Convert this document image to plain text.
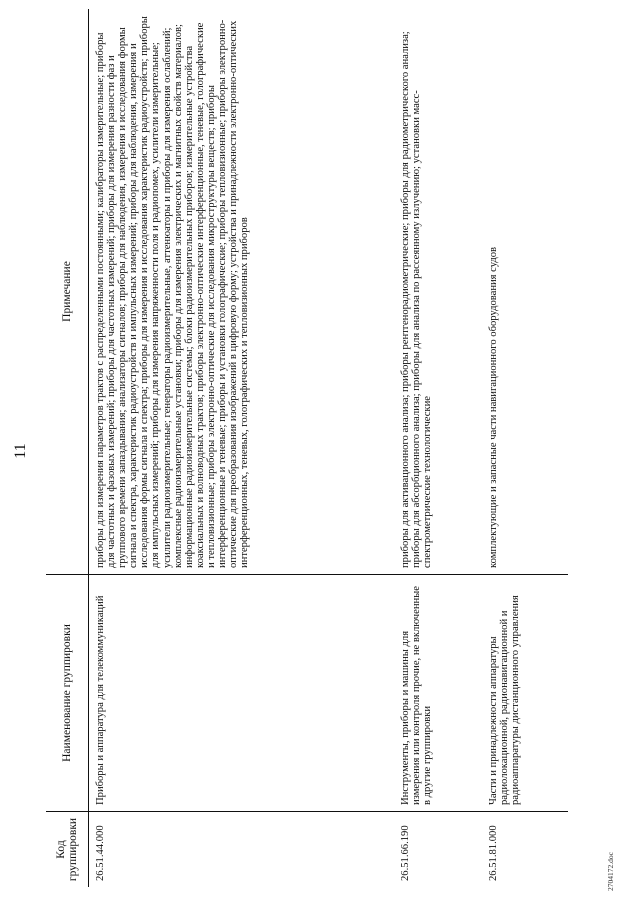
11
Код группировки	Наименование группировки	Примечание
26.51.44.000	Приборы и аппаратура для телекоммуникаций	приборы для измерения параметров трактов с распределенными постоянными; калибраторы измерительные; приборы для частотных и фазовых измерений; приборы для частотных измерений; приборы для измерения разности фаз и группового времени запаздывания; анализаторы сигналов; приборы для наблюдения, измерения и исследования формы сигнала и спектра, характеристик радиоустройств и импульсных измерений; приборы для наблюдения, измерения и исследования формы сигнала и спектра; приборы для измерения и исследования характеристик радиоустройств; приборы для импульсных измерений; приборы для измерения напряженности поля и радиопомех, усилители измерительные; усилители радиоизмерительные; генераторы радиоизмерительные, аттенюаторы и приборы для измерения ослаблений; комплексные радиоизмерительные установки; приборы для измерения электрических и магнитных свойств материалов; информационные радиоизмерительные системы; блоки радиоизмерительных приборов; измерительные устройства коаксиальных и волноводных трактов; приборы электронно-оптические интерференционные, теневые, голографические и тепловизионные; приборы электронно-оптические для исследования микроструктуры веществ; приборы интерференционные и теневые; приборы и установки голографические; приборы тепловизионные; приборы электронно-оптические для преобразования изображений в цифровую форму; устройства и принадлежности электронно-оптических интерференционных, теневых, голографических и тепловизионных приборов
26.51.66.190	Инструменты, приборы и машины для измерения или контроля прочие, не включенные в другие группировки	приборы для активационного анализа; приборы рентгенорадиометрические; приборы для радиометрического анализа; приборы для абсорбционного анализа; приборы для анализа по рассеянному излучению; установки масс-спектрометрические технологические
26.51.81.000	Части и принадлежности аппаратуры радиолокационной, радионавигационной и радиоаппаратуры дистанционного управления	комплектующие и запасные части навигационного оборудования судов
2704172.doc
